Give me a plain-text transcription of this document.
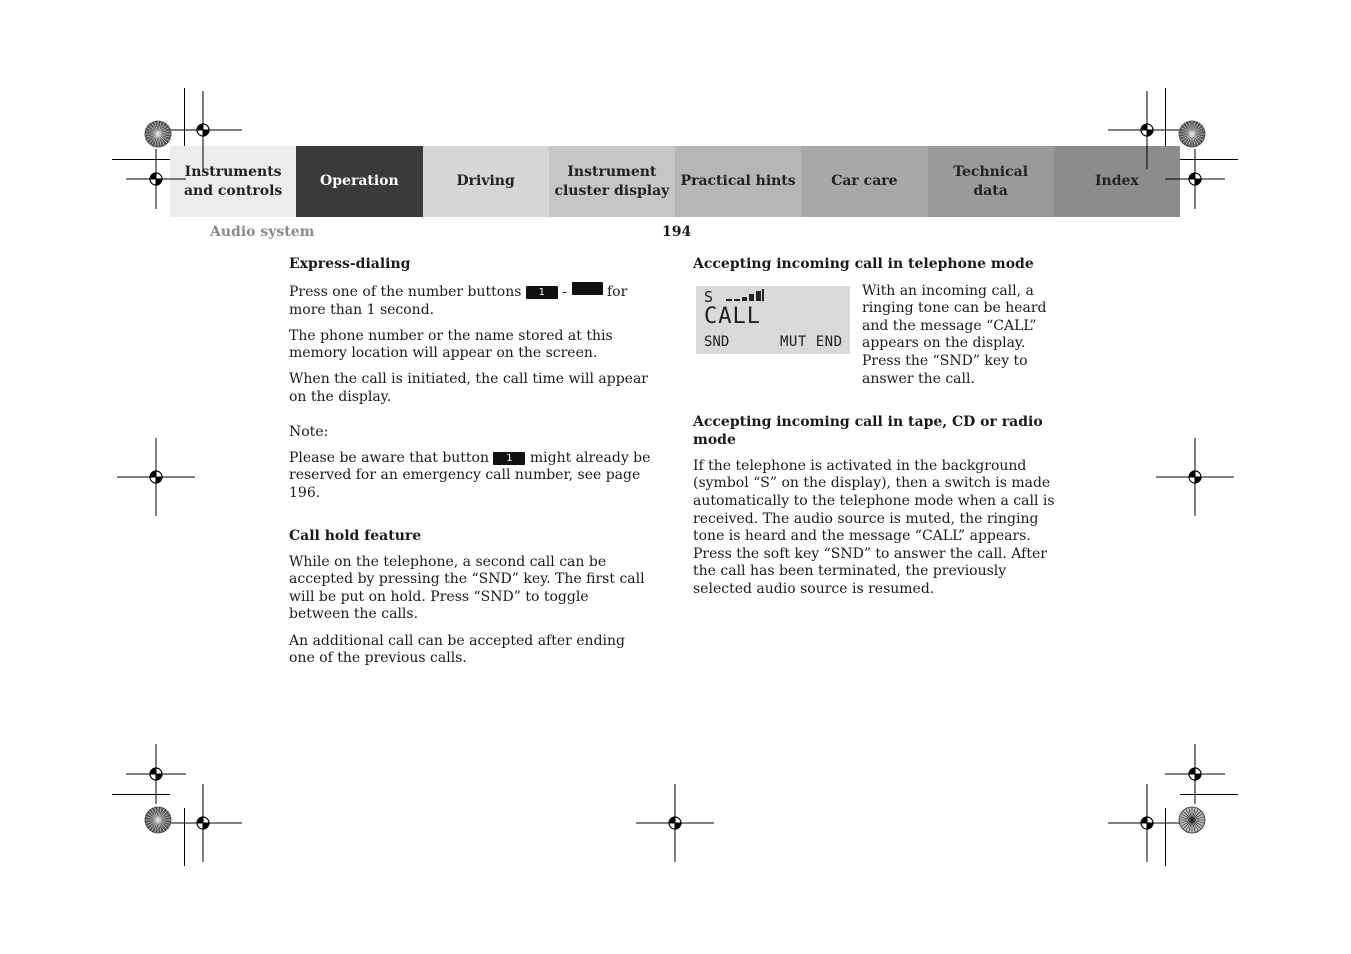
Instruments
and controls
Operation	Driving
Instrument
cluster display
Practical hints	Car care
Technical
data
Index
Audio system	194
Express-dialing

Press one of the number buttons 1 -	for more than 1 second.

The phone number or the name stored at this memory location will appear on the screen.

When the call is initiated, the call time will appear on the display.

Note:

Please be aware that button 1 might already be reserved for an emergency call number, see page 196.

Call hold feature

While on the telephone, a second call can be accepted by pressing the “SND” key. The first call will be put on hold. Press “SND” to toggle between the calls.

An additional call can be accepted after ending one of the previous calls.

Accepting incoming call in telephone mode

With an incoming call, a ringing tone can be heard and the message “CALL” appears on the display. Press the “SND” key to answer the call.

Accepting incoming call in tape, CD or radio mode

If the telephone is activated in the background (symbol “S” on the display), then a switch is made automatically to the telephone mode when a call is received. The audio source is muted, the ringing tone is heard and the message “CALL” appears. Press the soft key “SND” to answer the call. After the call has been terminated, the previously selected audio source is resumed.

S
CALL
SND	MUT END
